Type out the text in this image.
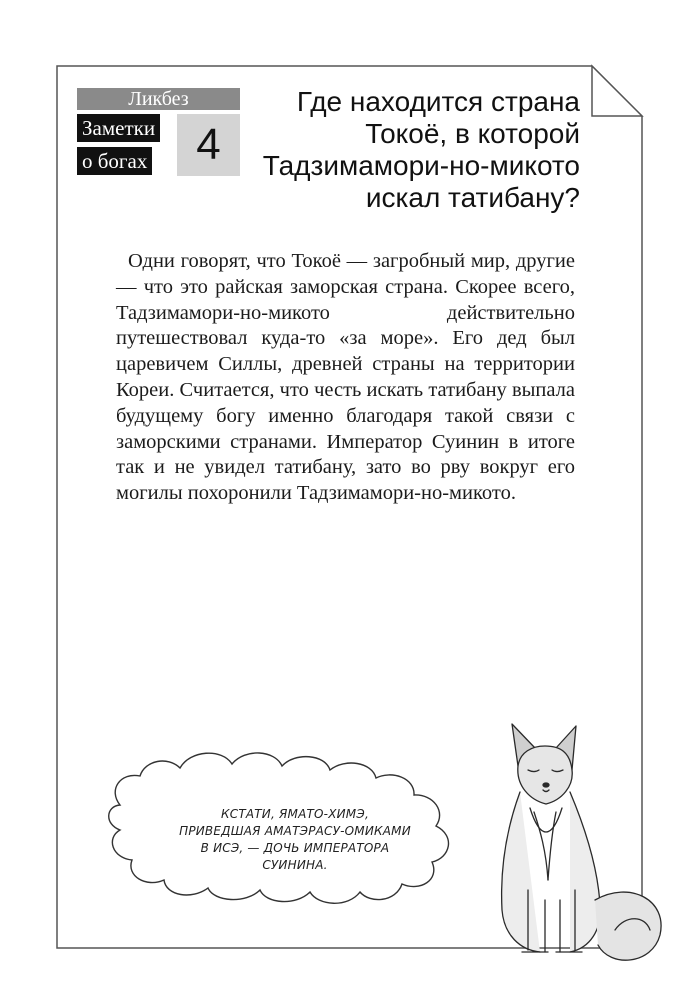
Ликбез
Заметки
о богах	4
Где находится страна
Токоё, в которой
Тадзимамори-но-микото
искал татибану?
Одни говорят, что Токоё — загробный мир, другие — что это райская заморская страна. Скорее всего, Тадзимамори-но-микото действительно путешествовал куда-то «за море». Его дед был царевичем Силлы, древней страны на территории Кореи. Считается, что честь искать татибану выпала будущему богу именно благодаря такой связи с заморскими странами. Император Суинин в итоге так и не увидел татибану, зато во рву вокруг его могилы похоронили Тадзимамори-но-микото.
КСТАТИ, ЯМАТО-ХИМЭ,
ПРИВЕДШАЯ АМАТЭРАСУ-ОМИКАМИ
В ИСЭ, — ДОЧЬ ИМПЕРАТОРА СУИНИНА.
